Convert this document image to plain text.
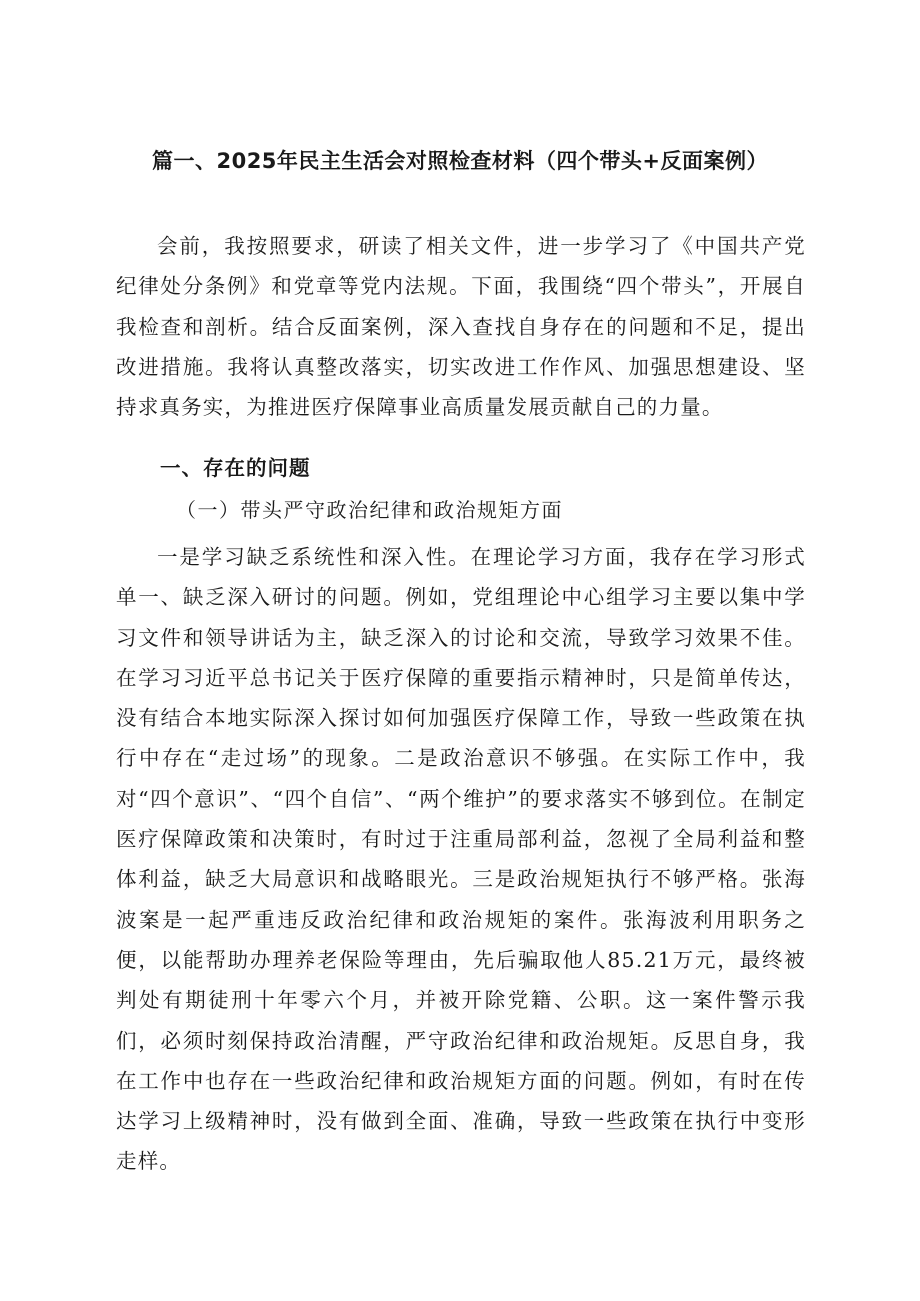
篇一、2025年民主生活会对照检查材料（四个带头+反面案例）

会前，我按照要求，研读了相关文件，进一步学习了《中国共产党纪律处分条例》和党章等党内法规。下面，我围绕“四个带头”，开展自我检查和剖析。结合反面案例，深入查找自身存在的问题和不足，提出改进措施。我将认真整改落实，切实改进工作作风、加强思想建设、坚持求真务实，为推进医疗保障事业高质量发展贡献自己的力量。

一、存在的问题
（一）带头严守政治纪律和政治规矩方面

一是学习缺乏系统性和深入性。在理论学习方面，我存在学习形式单一、缺乏深入研讨的问题。例如，党组理论中心组学习主要以集中学习文件和领导讲话为主，缺乏深入的讨论和交流，导致学习效果不佳。在学习习近平总书记关于医疗保障的重要指示精神时，只是简单传达，没有结合本地实际深入探讨如何加强医疗保障工作，导致一些政策在执行中存在“走过场”的现象。二是政治意识不够强。在实际工作中，我对“四个意识”、“四个自信”、“两个维护”的要求落实不够到位。在制定医疗保障政策和决策时，有时过于注重局部利益，忽视了全局利益和整体利益，缺乏大局意识和战略眼光。三是政治规矩执行不够严格。张海波案是一起严重违反政治纪律和政治规矩的案件。张海波利用职务之便，以能帮助办理养老保险等理由，先后骗取他人85.21万元，最终被判处有期徒刑十年零六个月，并被开除党籍、公职。这一案件警示我们，必须时刻保持政治清醒，严守政治纪律和政治规矩。反思自身，我在工作中也存在一些政治纪律和政治规矩方面的问题。例如，有时在传达学习上级精神时，没有做到全面、准确，导致一些政策在执行中变形走样。
